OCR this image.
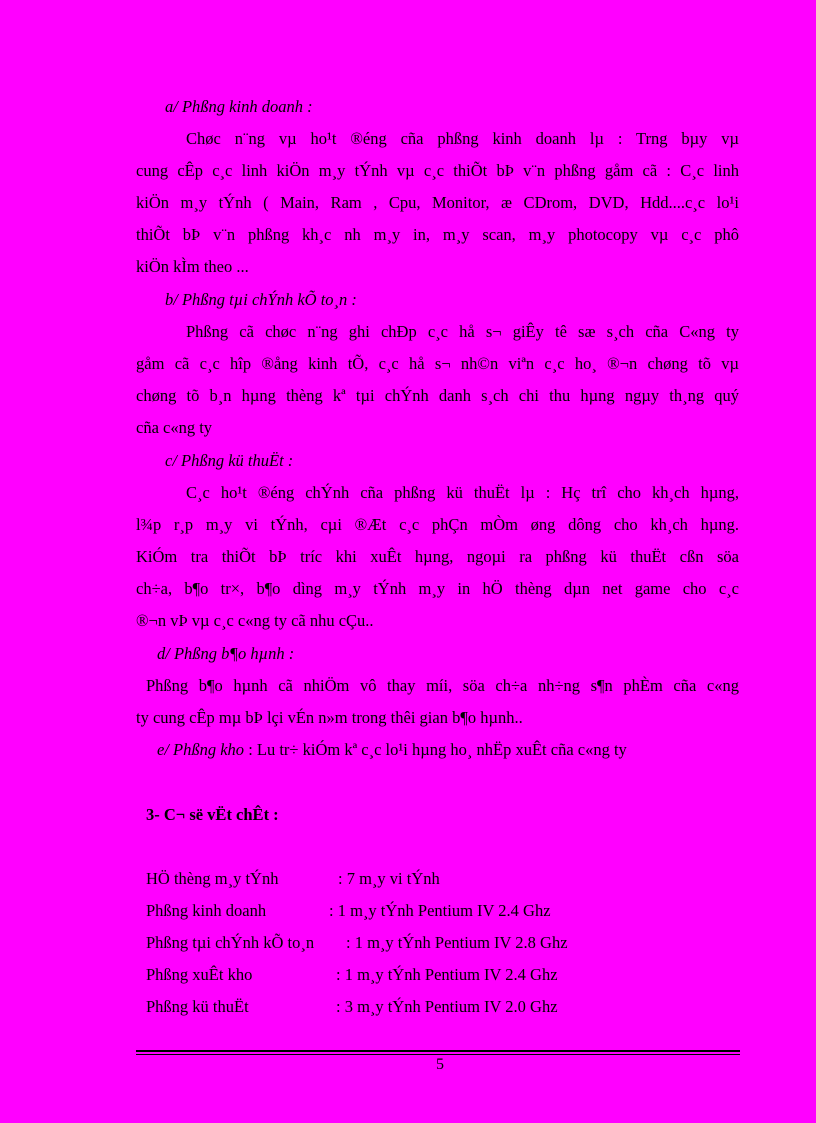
a/ Phßng kinh doanh :
Chøc n¨ng vµ ho¹t ®éng cña phßng kinh doanh lµ : Trng bµy vµ
cung cÊp c¸c linh kiÖn m¸y tÝnh vµ c¸c thiÕt bÞ v¨n phßng gåm cã : C¸c linh
kiÖn m¸y tÝnh ( Main, Ram , Cpu, Monitor, æ CDrom, DVD, Hdd....c¸c lo¹i
thiÕt bÞ v¨n phßng kh¸c nh m¸y in, m¸y scan, m¸y photocopy vµ c¸c phô
kiÖn kÌm theo ...
b/ Phßng tµi chÝnh kÕ to¸n :
Phßng cã chøc n¨ng ghi chÐp c¸c hå s¬ giÊy tê sæ s¸ch cña C«ng ty
gåm cã c¸c hîp ®ång kinh tÕ, c¸c hå s¬ nh©n viªn c¸c ho¸ ®¬n chøng tõ vµ
chøng tõ b¸n hµng thèng kª tµi chÝnh danh s¸ch chi thu hµng ngµy th¸ng quý
cña c«ng ty
c/ Phßng kü thuËt :
C¸c ho¹t ®éng chÝnh cña phßng kü thuËt lµ : Hç trî cho kh¸ch hµng,
l¾p r¸p m¸y vi tÝnh, cµi ®Æt c¸c phÇn mÒm øng dông cho kh¸ch hµng.
KiÓm tra thiÕt bÞ tríc khi xuÊt hµng, ngoµi ra phßng kü thuËt cßn söa
ch÷a, b¶o tr×, b¶o dìng m¸y tÝnh m¸y in hÖ thèng dµn net game cho c¸c
®¬n vÞ vµ c¸c c«ng ty cã nhu cÇu..
d/ Phßng b¶o hµnh :
Phßng b¶o hµnh cã nhiÖm vô thay míi, söa ch÷a nh÷ng s¶n phÈm cña c«ng
ty cung cÊp mµ bÞ lçi vÉn n»m trong thêi gian b¶o hµnh..
e/ Phßng kho : Lu tr÷ kiÓm kª c¸c lo¹i hµng ho¸ nhËp xuÊt cña c«ng ty
3- C¬ së vËt chÊt :
HÖ thèng m¸y tÝnh	: 7 m¸y vi tÝnh
Phßng kinh doanh	: 1 m¸y tÝnh Pentium IV 2.4 Ghz
Phßng tµi chÝnh kÕ to¸n : 1 m¸y tÝnh Pentium IV 2.8 Ghz
Phßng xuÊt kho	: 1 m¸y tÝnh Pentium IV 2.4 Ghz
Phßng kü thuËt	: 3 m¸y tÝnh Pentium IV 2.0 Ghz
5
